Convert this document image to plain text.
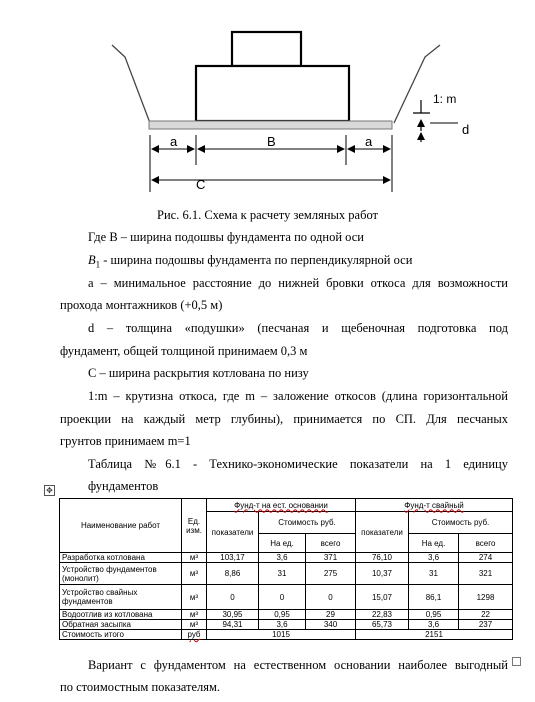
a	B	a
C
1: m
d
Рис. 6.1. Схема к расчету земляных работ
Где В – ширина подошвы фундамента по одной оси
$B_1$ - ширина подошвы фундамента по перпендикулярной оси
a – минимальное расстояние до нижней бровки откоса для возможности
прохода монтажников (+0,5 м)
d – толщина «подушки» (песчаная и щебеночная подготовка под
фундамент, общей толщиной принимаем 0,3 м
С – ширина раскрытия котлована по низу
1:m – крутизна откоса, где m – заложение откосов (длина горизонтальной
проекции на каждый метр глубины), принимается по СП. Для песчаных
грунтов принимаем m=1
Таблица №6.1 - Технико-экономические показатели на 1 единицу
фундаментов
✥
Наименование работ	Ед. изм.	Фунд-т на ест. основании			Фунд-т свайный		
		показатели	Стоимость руб.		показатели	Стоимость руб.	
			На ед.	всего		На ед.	всего
Разработка котлована	м³	103,17	3,6	371	76,10	3,6	274
Устройство фундаментов (монолит)	м³	8,86	31	275	10,37	31	321
Устройство свайных фундаментов	м³	0	0	0	15,07	86,1	1298
Водоотлив из котлована	м³	30,95	0,95	29	22,83	0,95	22
Обратная засыпка	м³	94,31	3,6	340	65,73	3,6	237
Стоимость итого	руб	1015			2151		
Вариант с фундаментом на естественном основании наиболее выгодный
по стоимостным показателям.
